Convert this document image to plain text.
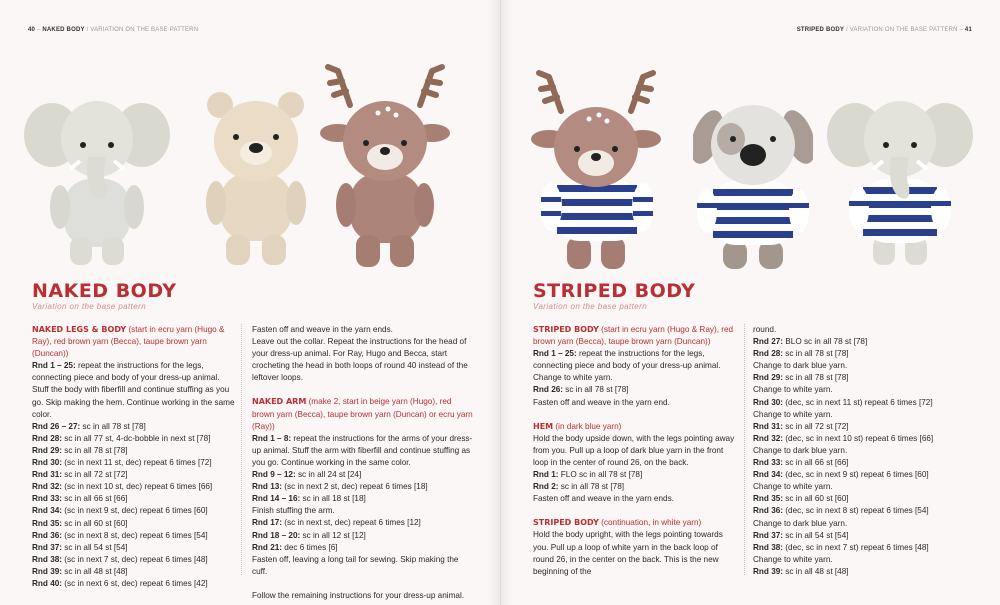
40 – NAKED BODY / VARIATION ON THE BASE PATTERN
NAKED BODY
Variation on the base pattern

NAKED LEGS & BODY (start in ecru yarn (Hugo & Ray), red brown yarn (Becca), taupe brown yarn (Duncan))

Rnd 1 – 25: repeat the instructions for the legs, connecting piece and body of your dress-up animal.

Stuff the body with fiberfill and continue stuffing as you go. Skip making the hem. Continue working in the same color.

Rnd 26 – 27: sc in all 78 st [78]

Rnd 28: sc in all 77 st, 4-dc-bobble in next st [78]

Rnd 29: sc in all 78 st [78]

Rnd 30: (sc in next 11 st, dec) repeat 6 times [72]

Rnd 31: sc in all 72 st [72]

Rnd 32: (sc in next 10 st, dec) repeat 6 times [66]

Rnd 33: sc in all 66 st [66]

Rnd 34: (sc in next 9 st, dec) repeat 6 times [60]

Rnd 35: sc in all 60 st [60]

Rnd 36: (sc in next 8 st, dec) repeat 6 times [54]

Rnd 37: sc in all 54 st [54]

Rnd 38: (sc in next 7 st, dec) repeat 6 times [48]

Rnd 39: sc in all 48 st [48]

Rnd 40: (sc in next 6 st, dec) repeat 6 times [42]

Fasten off and weave in the yarn ends.

Leave out the collar. Repeat the instructions for the head of your dress-up animal. For Ray, Hugo and Becca, start crocheting the head in both loops of round 40 instead of the leftover loops.

NAKED ARM (make 2, start in beige yarn (Hugo), red brown yarn (Becca), taupe brown yarn (Duncan) or ecru yarn (Ray))

Rnd 1 – 8: repeat the instructions for the arms of your dress-up animal. Stuff the arm with fiberfill and continue stuffing as you go. Continue working in the same color.

Rnd 9 – 12: sc in all 24 st [24]

Rnd 13: (sc in next 2 st, dec) repeat 6 times [18]

Rnd 14 – 16: sc in all 18 st [18]

Finish stuffing the arm.

Rnd 17: (sc in next st, dec) repeat 6 times [12]

Rnd 18 – 20: sc in all 12 st [12]

Rnd 21: dec 6 times [6]

Fasten off, leaving a long tail for sewing. Skip making the cuff.

Follow the remaining instructions for your dress-up animal.

STRIPED BODY / VARIATION ON THE BASE PATTERN – 41
STRIPED BODY
Variation on the base pattern

STRIPED BODY (start in ecru yarn (Hugo & Ray), red brown yarn (Becca), taupe brown yarn (Duncan))

Rnd 1 – 25: repeat the instructions for the legs, connecting piece and body of your dress-up animal.

Change to white yarn.

Rnd 26: sc in all 78 st [78]

Fasten off and weave in the yarn end.

HEM (in dark blue yarn)

Hold the body upside down, with the legs pointing away from you. Pull up a loop of dark blue yarn in the front loop in the center of round 26, on the back.

Rnd 1: FLO sc in all 78 st [78]

Rnd 2: sc in all 78 st [78]

Fasten off and weave in the yarn ends.

STRIPED BODY (continuation, in white yarn)

Hold the body upright, with the legs pointing towards you. Pull up a loop of white yarn in the back loop of round 26, in the center on the back. This is the new beginning of the

round.

Rnd 27: BLO sc in all 78 st [78]

Rnd 28: sc in all 78 st [78]

Change to dark blue yarn.

Rnd 29: sc in all 78 st [78]

Change to white yarn.

Rnd 30: (dec, sc in next 11 st) repeat 6 times [72]

Change to white yarn.

Rnd 31: sc in all 72 st [72]

Rnd 32: (dec, sc in next 10 st) repeat 6 times [66]

Change to dark blue yarn.

Rnd 33: sc in all 66 st [66]

Rnd 34: (dec, sc in next 9 st) repeat 6 times [60]

Change to white yarn.

Rnd 35: sc in all 60 st [60]

Rnd 36: (dec, sc in next 8 st) repeat 6 times [54]

Change to dark blue yarn.

Rnd 37: sc in all 54 st [54]

Rnd 38: (dec, sc in next 7 st) repeat 6 times [48]

Change to white yarn.

Rnd 39: sc in all 48 st [48]
